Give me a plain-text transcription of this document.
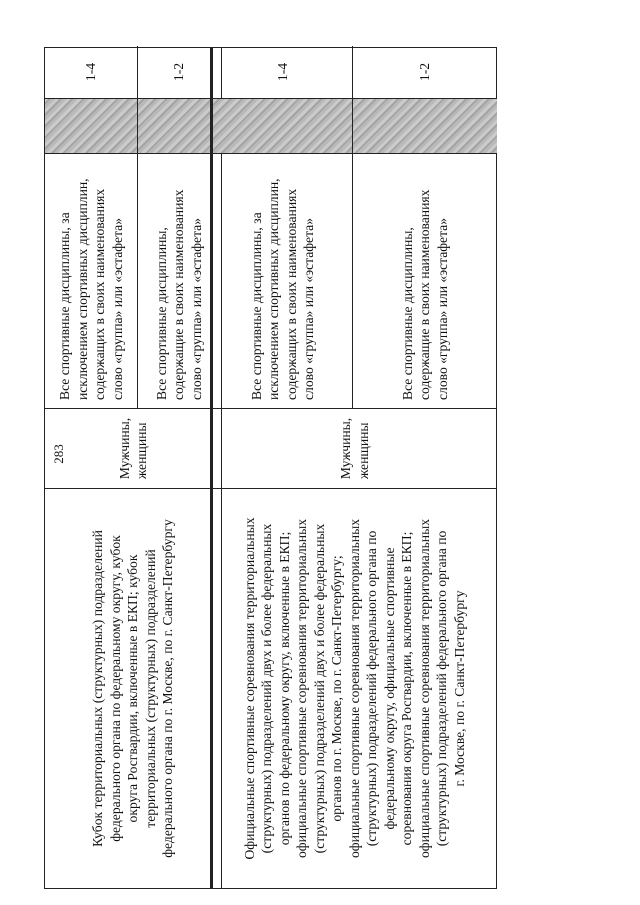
283
Кубок территориальных (структурных) подразделений
федерального органа по федеральному округу, кубок
округа Росгвардии, включенные в ЕКП; кубок
территориальных (структурных) подразделений
федерального органа по г. Москве, по г. Санкт-Петербургу
Мужчины,
женщины
Все спортивные дисциплины, за
исключением спортивных дисциплин,
содержащих в своих наименованиях
слово «группа» или «эстафета»
1-4
Все спортивные дисциплины,
содержащие в своих наименованиях
слово «группа» или «эстафета»
1-2
Официальные спортивные соревнования территориальных
(структурных) подразделений двух и более федеральных
органов по федеральному округу, включенные в ЕКП;
официальные спортивные соревнования территориальных
(структурных) подразделений двух и более федеральных
органов по г. Москве, по г. Санкт-Петербургу;
официальные спортивные соревнования территориальных
(структурных) подразделений федерального органа по
федеральному округу, официальные спортивные
соревнования округа Росгвардии, включенные в ЕКП;
официальные спортивные соревнования территориальных
(структурных) подразделений федерального органа по
г. Москве, по г. Санкт-Петербургу
Мужчины,
женщины
Все спортивные дисциплины, за
исключением спортивных дисциплин,
содержащих в своих наименованиях
слово «группа» или «эстафета»
1-4
Все спортивные дисциплины,
содержащие в своих наименованиях
слово «группа» или «эстафета»
1-2
